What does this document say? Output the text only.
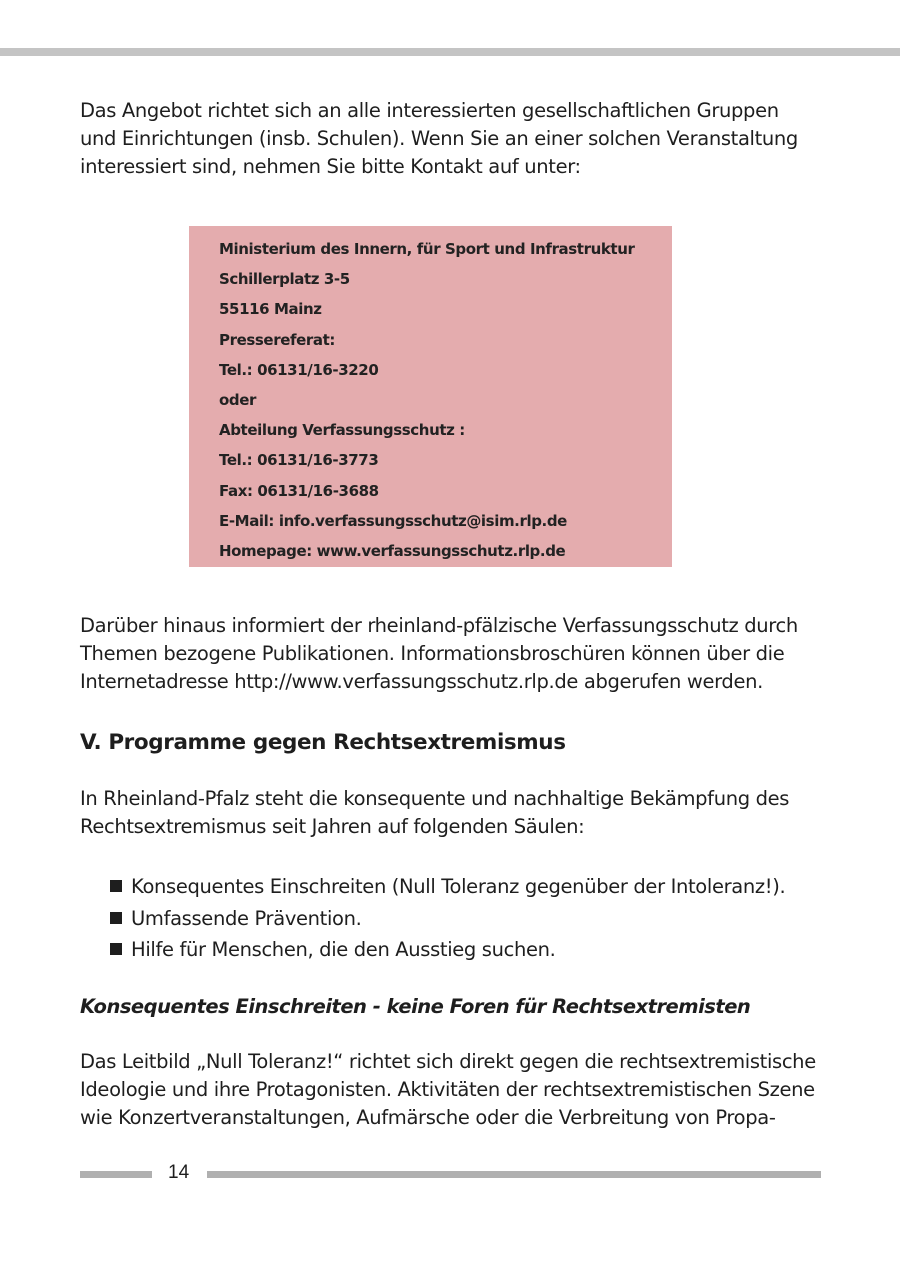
Das Angebot richtet sich an alle interessierten gesellschaftlichen Gruppen
und Einrichtungen (insb. Schulen). Wenn Sie an einer solchen Veranstaltung
interessiert sind, nehmen Sie bitte Kontakt auf unter:

Ministerium des Innern, für Sport und Infrastruktur
Schillerplatz 3-5
55116 Mainz
Pressereferat:
Tel.: 06131/16-3220
oder
Abteilung Verfassungsschutz :
Tel.: 06131/16-3773
Fax: 06131/16-3688
E-Mail: info.verfassungsschutz@isim.rlp.de
Homepage: www.verfassungsschutz.rlp.de

Darüber hinaus informiert der rheinland-pfälzische Verfassungsschutz durch
Themen bezogene Publikationen. Informationsbroschüren können über die
Internetadresse http://www.verfassungsschutz.rlp.de abgerufen werden.

V. Programme gegen Rechtsextremismus

In Rheinland-Pfalz steht die konsequente und nachhaltige Bekämpfung des
Rechtsextremismus seit Jahren auf folgenden Säulen:

Konsequentes Einschreiten (Null Toleranz gegenüber der Intoleranz!).
Umfassende Prävention.
Hilfe für Menschen, die den Ausstieg suchen.
Konsequentes Einschreiten - keine Foren für Rechtsextremisten

Das Leitbild „Null Toleranz!“ richtet sich direkt gegen die rechtsextremistische
Ideologie und ihre Protagonisten. Aktivitäten der rechtsextremistischen Szene
wie Konzertveranstaltungen, Aufmärsche oder die Verbreitung von Propa-

14
